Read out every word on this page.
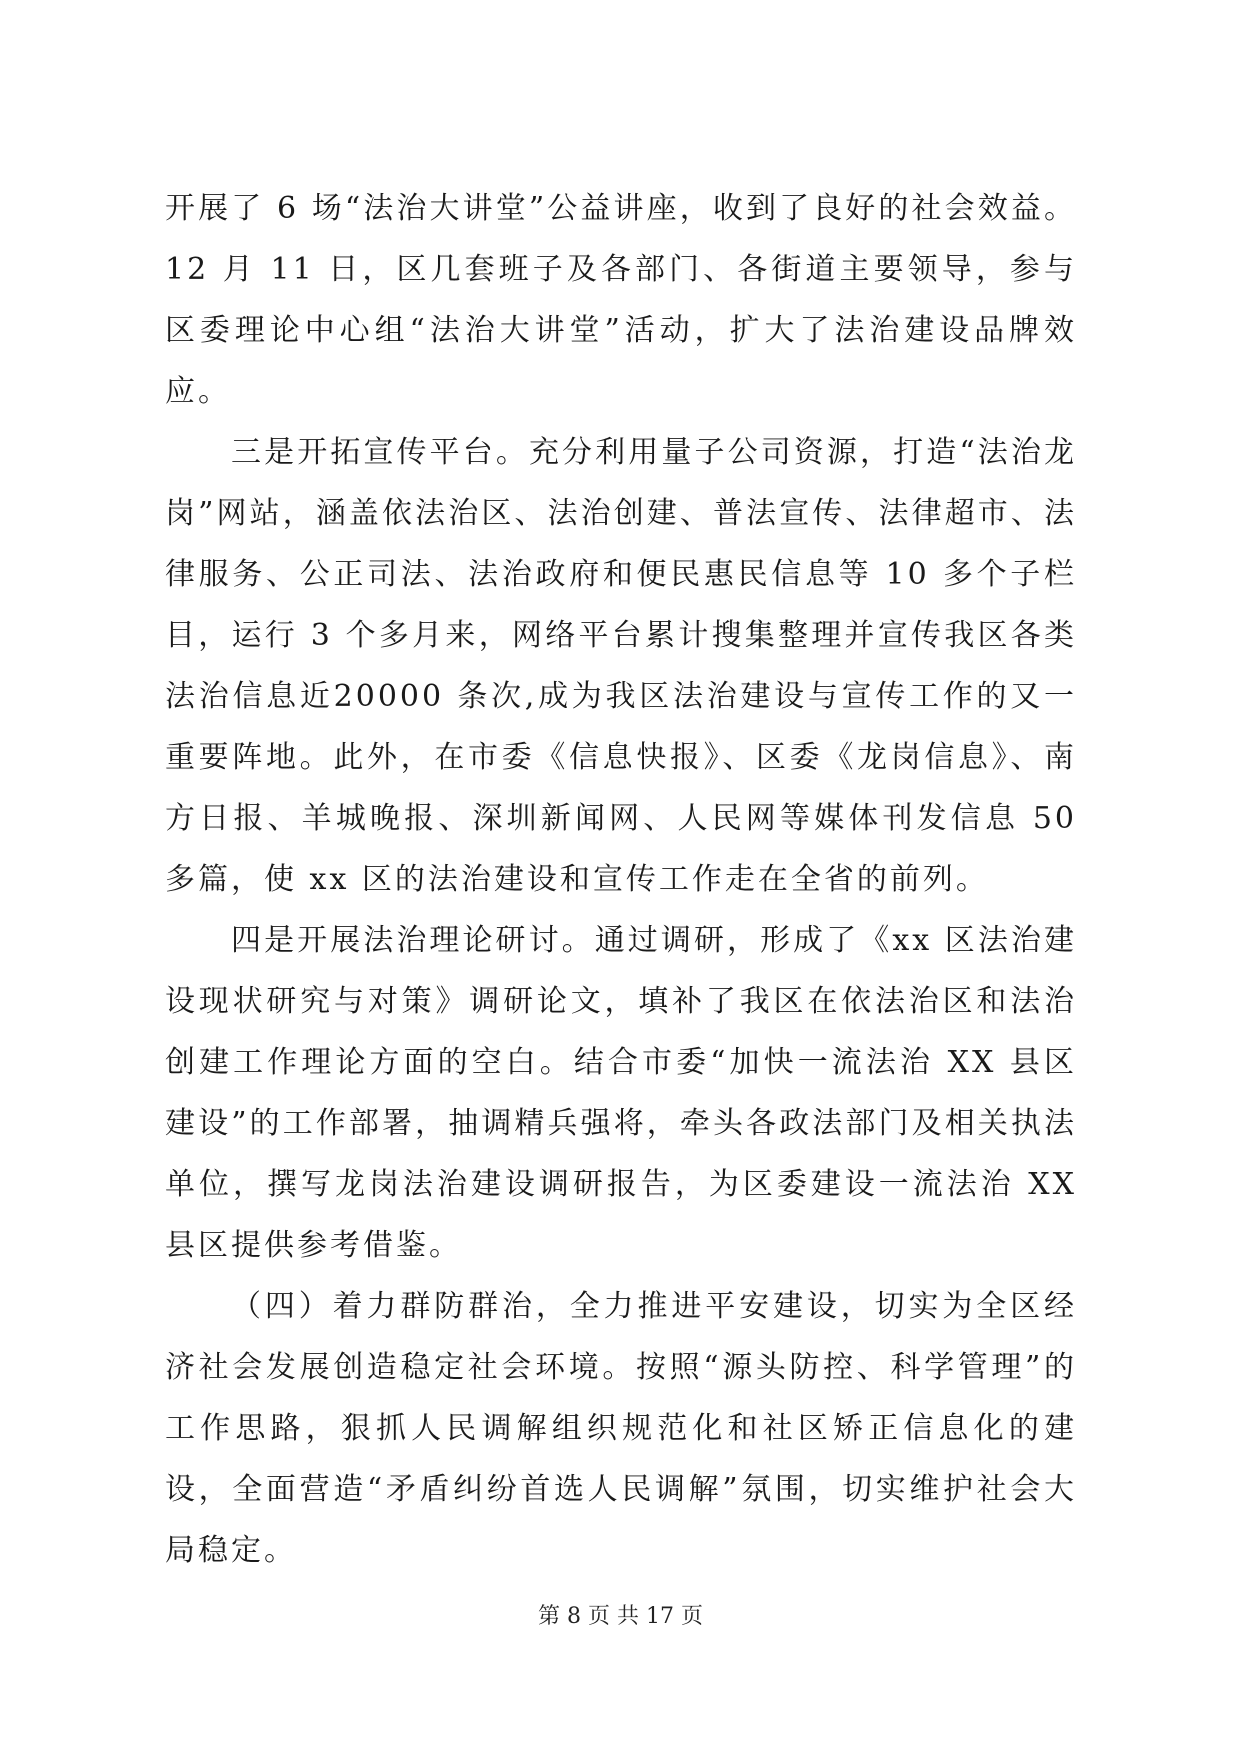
开展了 6 场“法治大讲堂”公益讲座，收到了良好的社会效益。12 月 11 日，区几套班子及各部门、各街道主要领导，参与区委理论中心组“法治大讲堂”活动，扩大了法治建设品牌效应。

三是开拓宣传平台。充分利用量子公司资源，打造“法治龙岗”网站，涵盖依法治区、法治创建、普法宣传、法律超市、法律服务、公正司法、法治政府和便民惠民信息等 10 多个子栏目，运行 3 个多月来，网络平台累计搜集整理并宣传我区各类法治信息近20000 条次,成为我区法治建设与宣传工作的又一重要阵地。此外，在市委《信息快报》、区委《龙岗信息》、南方日报、羊城晚报、深圳新闻网、人民网等媒体刊发信息 50 多篇，使 xx 区的法治建设和宣传工作走在全省的前列。

四是开展法治理论研讨。通过调研，形成了《xx 区法治建设现状研究与对策》调研论文，填补了我区在依法治区和法治创建工作理论方面的空白。结合市委“加快一流法治 XX 县区建设”的工作部署，抽调精兵强将，牵头各政法部门及相关执法单位，撰写龙岗法治建设调研报告，为区委建设一流法治 XX 县区提供参考借鉴。

（四）着力群防群治，全力推进平安建设，切实为全区经济社会发展创造稳定社会环境。按照“源头防控、科学管理”的工作思路，狠抓人民调解组织规范化和社区矫正信息化的建设，全面营造“矛盾纠纷首选人民调解”氛围，切实维护社会大局稳定。

第 8 页 共 17 页
